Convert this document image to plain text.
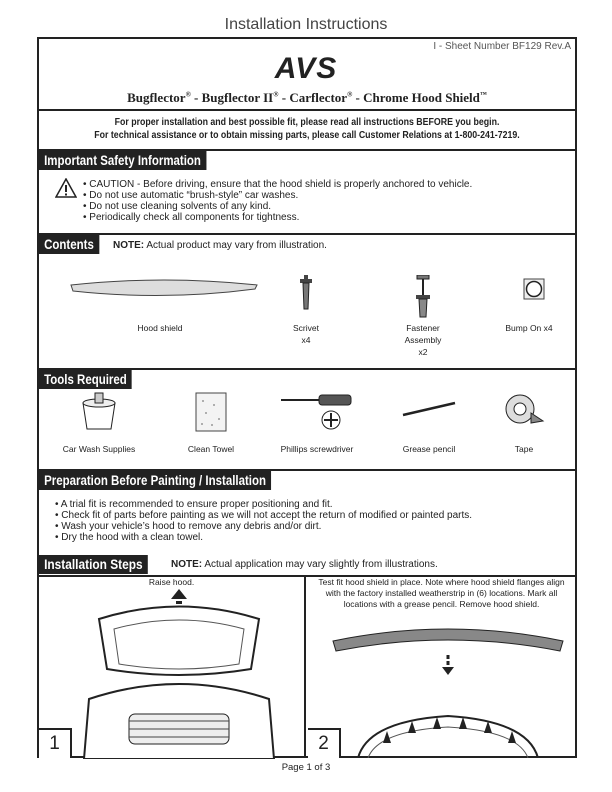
Installation Instructions
I - Sheet Number BF129 Rev.A
AVS
Bugflector® - Bugflector II® - Carflector® - Chrome Hood Shield™
For proper installation and best possible fit, please read all instructions BEFORE you begin.
For technical assistance or to obtain missing parts, please call Customer Relations at 1-800-241-7219.
Important Safety Information
• CAUTION - Before driving, ensure that the hood shield is properly anchored to vehicle.
• Do not use automatic “brush-style” car washes.
• Do not use cleaning solvents of any kind.
• Periodically check all components for tightness.
Contents	NOTE: Actual product may vary from illustration.
Hood shield	Scrivet
x4
Fastener Assembly
x2
Bump On x4
Tools Required
Car Wash Supplies	Clean Towel	Phillips screwdriver	Grease pencil	Tape
Preparation Before Painting / Installation
• A trial fit is recommended to ensure proper positioning and fit.
• Check fit of parts before painting as we will not accept the return of modified or painted parts.
• Wash your vehicle’s hood to remove any debris and/or dirt.
• Dry the hood with a clean towel.
Installation Steps	NOTE: Actual application may vary slightly from illustrations.
Raise hood.
1
Test fit hood shield in place. Note where hood shield flanges align with the factory installed weatherstrip in (6) locations. Mark all locations with a grease pencil. Remove hood shield.
2
Page 1 of 3
